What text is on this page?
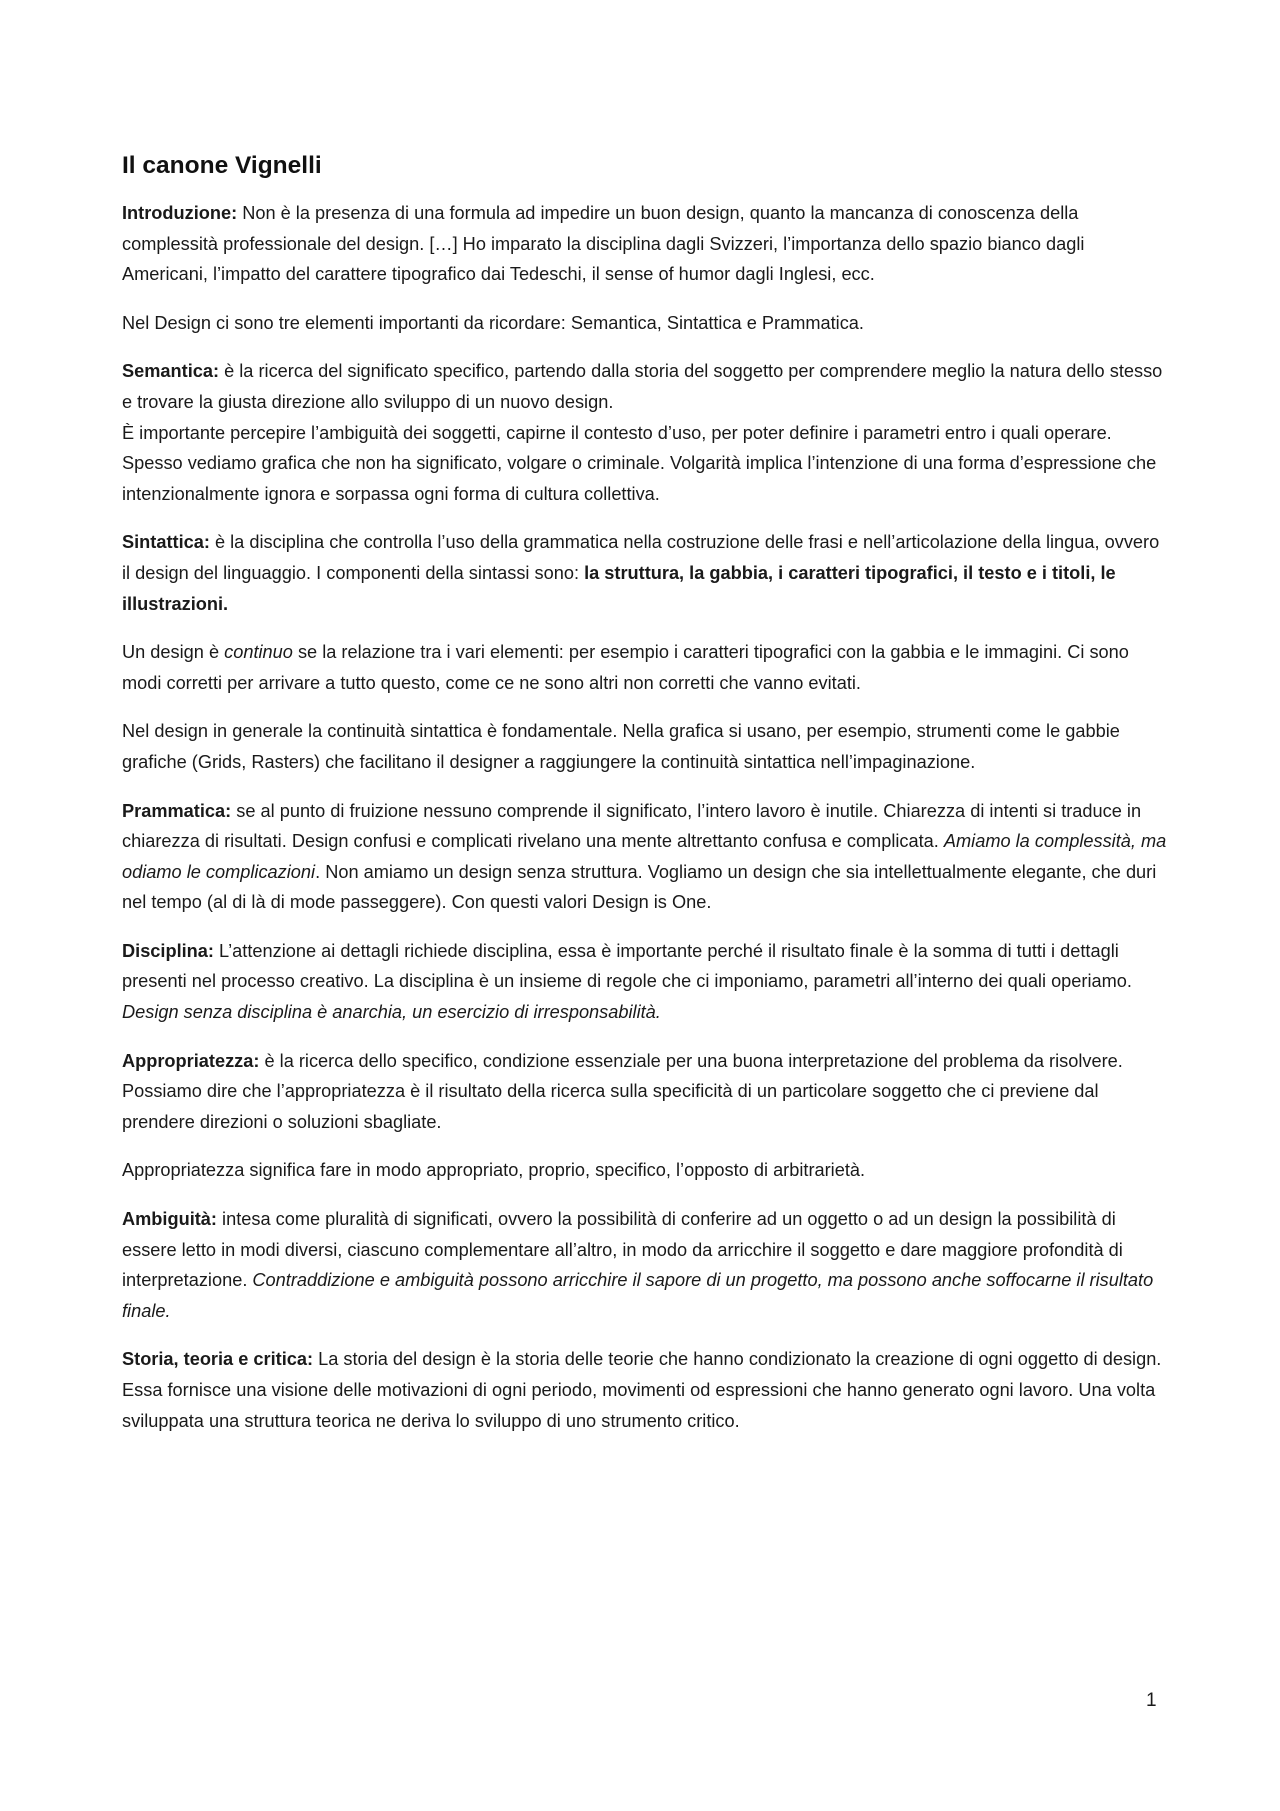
Il canone Vignelli

Introduzione: Non è la presenza di una formula ad impedire un buon design, quanto la mancanza di conoscenza della complessità professionale del design. […] Ho imparato la disciplina dagli Svizzeri, l’importanza dello spazio bianco dagli Americani, l’impatto del carattere tipografico dai Tedeschi, il sense of humor dagli Inglesi, ecc.

Nel Design ci sono tre elementi importanti da ricordare: Semantica, Sintattica e Prammatica.

Semantica: è la ricerca del significato specifico, partendo dalla storia del soggetto per comprendere meglio la natura dello stesso e trovare la giusta direzione allo sviluppo di un nuovo design.

È importante percepire l’ambiguità dei soggetti, capirne il contesto d’uso, per poter definire i parametri entro i quali operare. Spesso vediamo grafica che non ha significato, volgare o criminale. Volgarità implica l’intenzione di una forma d’espressione che intenzionalmente ignora e sorpassa ogni forma di cultura collettiva.

Sintattica: è la disciplina che controlla l’uso della grammatica nella costruzione delle frasi e nell’articolazione della lingua, ovvero il design del linguaggio. I componenti della sintassi sono: la struttura, la gabbia, i caratteri tipografici, il testo e i titoli, le illustrazioni.

Un design è continuo se la relazione tra i vari elementi: per esempio i caratteri tipografici con la gabbia e le immagini. Ci sono modi corretti per arrivare a tutto questo, come ce ne sono altri non corretti che vanno evitati.

Nel design in generale la continuità sintattica è fondamentale. Nella grafica si usano, per esempio, strumenti come le gabbie grafiche (Grids, Rasters) che facilitano il designer a raggiungere la continuità sintattica nell’impaginazione.

Prammatica: se al punto di fruizione nessuno comprende il significato, l’intero lavoro è inutile. Chiarezza di intenti si traduce in chiarezza di risultati. Design confusi e complicati rivelano una mente altrettanto confusa e complicata. Amiamo la complessità, ma odiamo le complicazioni. Non amiamo un design senza struttura. Vogliamo un design che sia intellettualmente elegante, che duri nel tempo (al di là di mode passeggere). Con questi valori Design is One.

Disciplina: L’attenzione ai dettagli richiede disciplina, essa è importante perché il risultato finale è la somma di tutti i dettagli presenti nel processo creativo. La disciplina è un insieme di regole che ci imponiamo, parametri all’interno dei quali operiamo. Design senza disciplina è anarchia, un esercizio di irresponsabilità.

Appropriatezza: è la ricerca dello specifico, condizione essenziale per una buona interpretazione del problema da risolvere. Possiamo dire che l’appropriatezza è il risultato della ricerca sulla specificità di un particolare soggetto che ci previene dal prendere direzioni o soluzioni sbagliate.

Appropriatezza significa fare in modo appropriato, proprio, specifico, l’opposto di arbitrarietà.

Ambiguità: intesa come pluralità di significati, ovvero la possibilità di conferire ad un oggetto o ad un design la possibilità di essere letto in modi diversi, ciascuno complementare all’altro, in modo da arricchire il soggetto e dare maggiore profondità di interpretazione. Contraddizione e ambiguità possono arricchire il sapore di un progetto, ma possono anche soffocarne il risultato finale.

Storia, teoria e critica: La storia del design è la storia delle teorie che hanno condizionato la creazione di ogni oggetto di design. Essa fornisce una visione delle motivazioni di ogni periodo, movimenti od espressioni che hanno generato ogni lavoro. Una volta sviluppata una struttura teorica ne deriva lo sviluppo di uno strumento critico.

1
